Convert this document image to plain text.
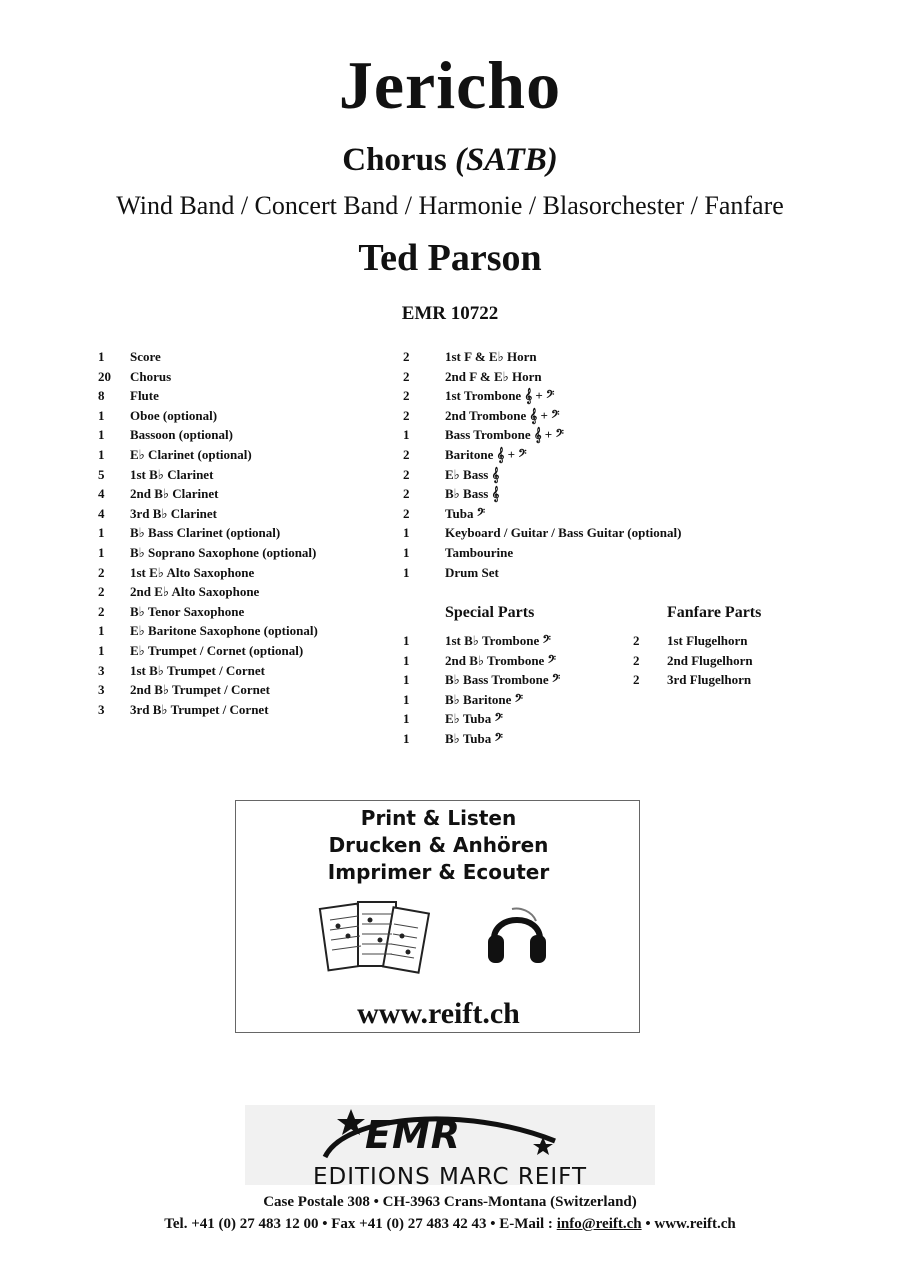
Jericho
Chorus (SATB)
Wind Band / Concert Band / Harmonie / Blasorchester / Fanfare
Ted Parson
EMR 10722
1 Score
20 Chorus
8 Flute
1 Oboe (optional)
1 Bassoon (optional)
1 E♭ Clarinet (optional)
5 1st B♭ Clarinet
4 2nd B♭ Clarinet
4 3rd B♭ Clarinet
1 B♭ Bass Clarinet (optional)
1 B♭ Soprano Saxophone (optional)
2 1st E♭ Alto Saxophone
2 2nd E♭ Alto Saxophone
2 B♭ Tenor Saxophone
1 E♭ Baritone Saxophone (optional)
1 E♭ Trumpet / Cornet (optional)
3 1st B♭ Trumpet / Cornet
3 2nd B♭ Trumpet / Cornet
3 3rd B♭ Trumpet / Cornet
2	1st F & E♭ Horn
2	2nd F & E♭ Horn
2	1st Trombone 𝄞 + 𝄢
2	2nd Trombone 𝄞 + 𝄢
1	Bass Trombone 𝄞 + 𝄢
2	Baritone 𝄞 + 𝄢
2	E♭ Bass 𝄞
2	B♭ Bass 𝄞
2	Tuba 𝄢
1	Keyboard / Guitar / Bass Guitar (optional)
1	Tambourine
1	Drum Set
Special Parts	Fanfare Parts
1	1st B♭ Trombone 𝄢
1	2nd B♭ Trombone 𝄢
1	B♭ Bass Trombone 𝄢
1	B♭ Baritone 𝄢
1	E♭ Tuba 𝄢
1	B♭ Tuba 𝄢
2 1st Flugelhorn
2 2nd Flugelhorn
2 3rd Flugelhorn
Print & Listen
Drucken & Anhören
Imprimer & Ecouter
www.reift.ch
EMR
EDITIONS MARC REIFT
Case Postale 308 • CH-3963 Crans-Montana (Switzerland)
Tel. +41 (0) 27 483 12 00 • Fax +41 (0) 27 483 42 43 • E-Mail : info@reift.ch • www.reift.ch
